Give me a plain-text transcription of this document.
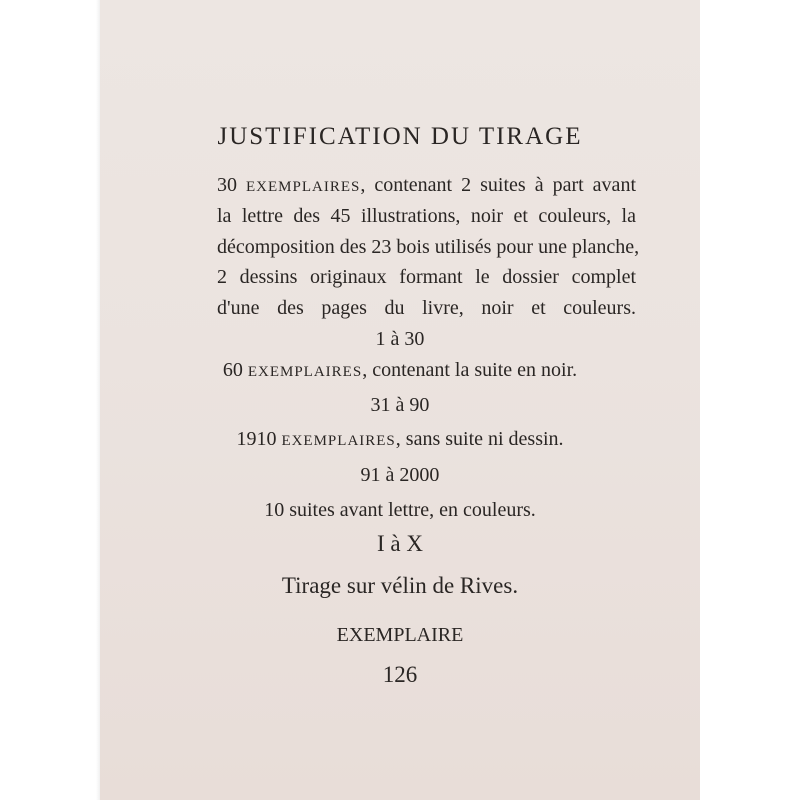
JUSTIFICATION DU TIRAGE
30 EXEMPLAIRES, contenant 2 suites à part avant
la lettre des 45 illustrations, noir et couleurs, la
décomposition des 23 bois utilisés pour une planche,
2 dessins originaux formant le dossier complet
d'une des pages du livre, noir et couleurs.
1 à 30
60 EXEMPLAIRES, contenant la suite en noir.
31 à 90
1910 EXEMPLAIRES, sans suite ni dessin.
91 à 2000
10 suites avant lettre, en couleurs.
I à X
Tirage sur vélin de Rives.
EXEMPLAIRE
126
